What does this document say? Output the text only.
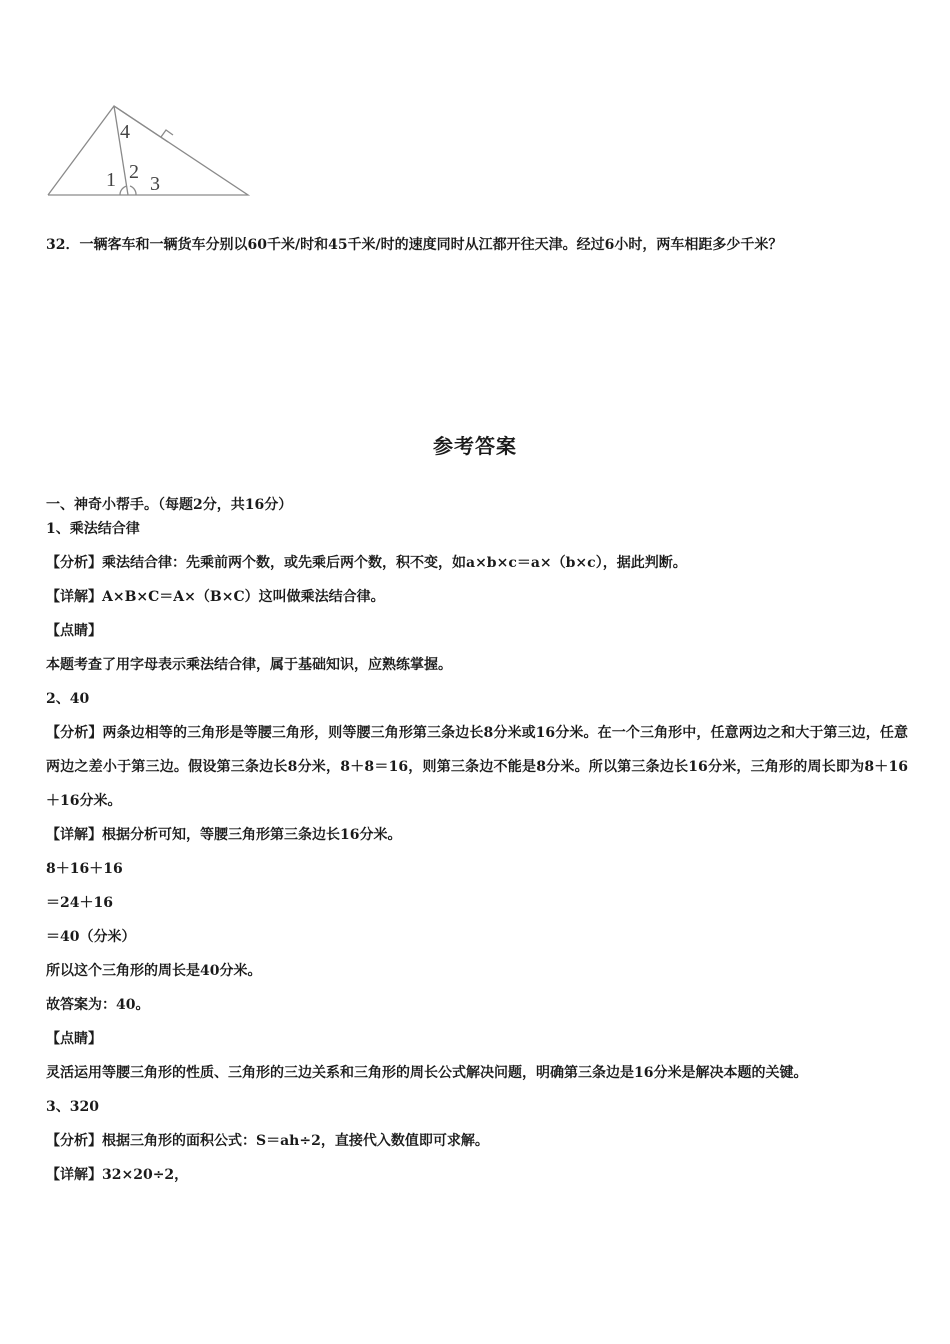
4
2
1 3
32．一辆客车和一辆货车分别以60千米/时和45千米/时的速度同时从江都开往天津。经过6小时，两车相距多少千米？
参考答案

一、神奇小帮手。（每题2分，共16分）

1、乘法结合律

【分析】乘法结合律：先乘前两个数，或先乘后两个数，积不变，如a×b×c＝a×（b×c），据此判断。

【详解】A×B×C＝A×（B×C）这叫做乘法结合律。

【点睛】

本题考查了用字母表示乘法结合律，属于基础知识，应熟练掌握。

2、40

【分析】两条边相等的三角形是等腰三角形，则等腰三角形第三条边长8分米或16分米。在一个三角形中，任意两边之和大于第三边，任意两边之差小于第三边。假设第三条边长8分米，8＋8＝16，则第三条边不能是8分米。所以第三条边长16分米，三角形的周长即为8＋16＋16分米。

【详解】根据分析可知，等腰三角形第三条边长16分米。

8＋16＋16

＝24＋16

＝40（分米）

所以这个三角形的周长是40分米。

故答案为：40。

【点睛】

灵活运用等腰三角形的性质、三角形的三边关系和三角形的周长公式解决问题，明确第三条边是16分米是解决本题的关键。

3、320

【分析】根据三角形的面积公式：S＝ah÷2，直接代入数值即可求解。

【详解】32×20÷2，
